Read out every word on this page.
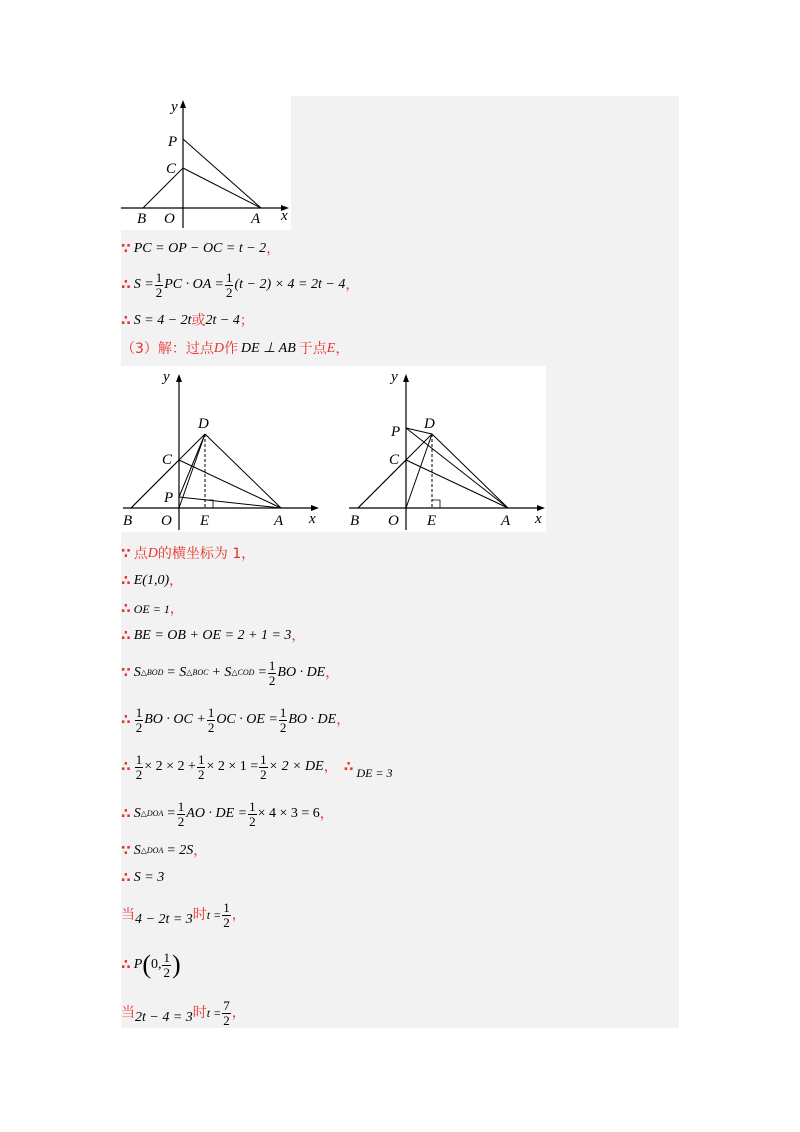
y
x
P
C
B O	A
∵ PC = OP − OC = t − 2 ，
∴ $S = \frac{1}{2}$ PC · OA = $\frac{1}{2} (t - 2) \times 4 = 2t - 4$ ，
∴ S = 4 − 2t 或 2t − 4 ；
（3）解：过点 D 作 DE ⊥ AB 于点 E ，
y
x
D
C
P
B O E	A
y
x
P D
C
B O E	A
∵ 点 D 的横坐标为 1，
∴ E(1,0) ，
∴ OE = 1 ，
∴ BE = OB + OE = 2 + 1 = 3 ，
∵ S △BOD = S △BOC + S △COD = $\frac{1}{2}$ BO · DE ，
∴ $\frac{1}{2}$ BO · OC + $\frac{1}{2}$ OC · OE = $\frac{1}{2}$ BO · DE ，
∴ $\frac{1}{2} \times 2 \times 2 + \frac{1}{2} \times 2 \times 1 = \frac{1}{2} \times 2$ × DE ， ∴ DE = 3
∴ S △DOA = $\frac{1}{2}$ AO · DE = $\frac{1}{2} \times 4 \times 3 = 6$ ，
∵ S △DOA = 2S ，
∴ S = 3
当 4 − 2t = 3 时 $t = \frac{1}{2}$ ，
∴ P ( 0, $\frac{1}{2}$ )
当 2t − 4 = 3 时 $t = \frac{7}{2}$ ，
